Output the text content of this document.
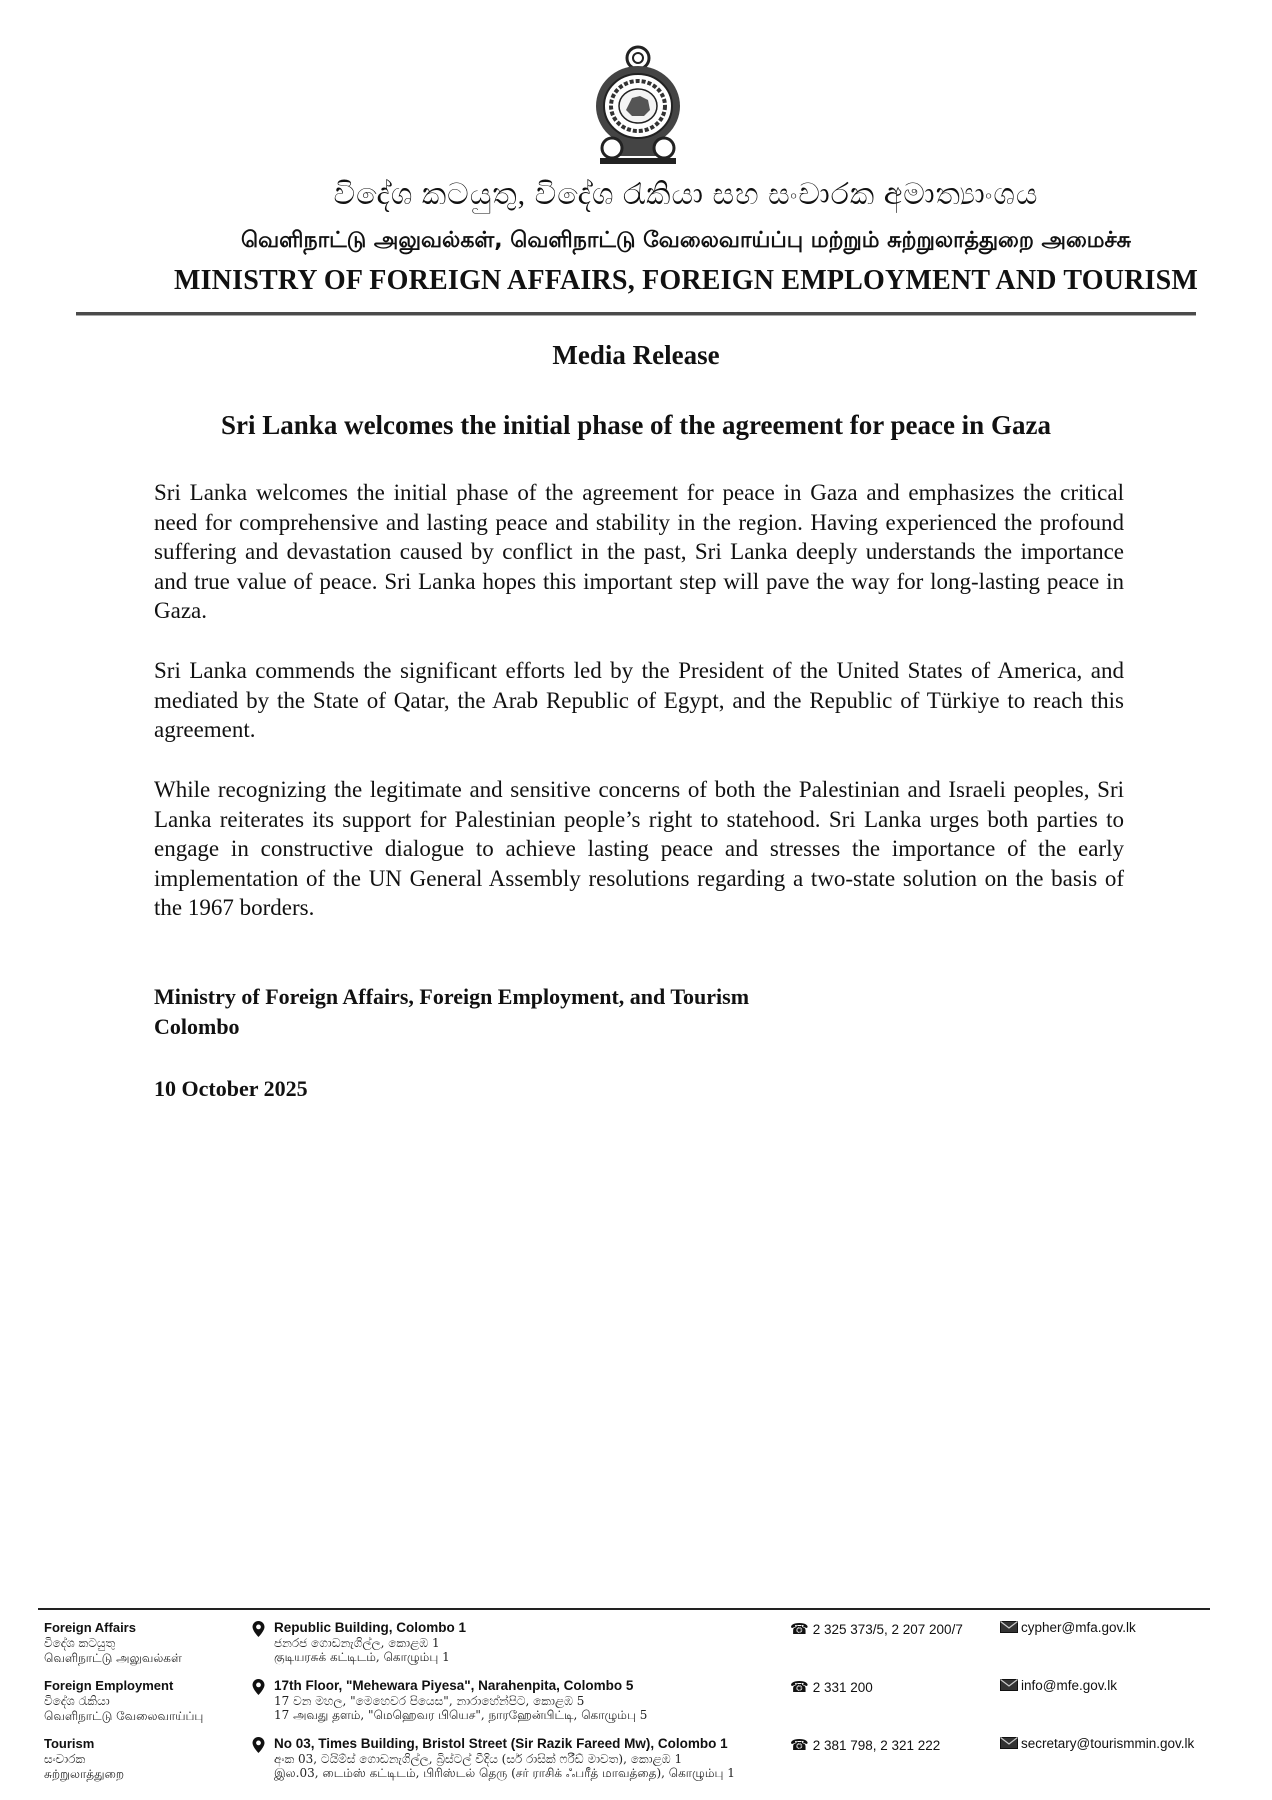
විදේශ කටයුතු, විදේශ රැකියා සහ සංචාරක අමාත්‍යාංශය
வெளிநாட்டு அலுவல்கள், வெளிநாட்டு வேலைவாய்ப்பு மற்றும் சுற்றுலாத்துறை அமைச்சு
MINISTRY OF FOREIGN AFFAIRS, FOREIGN EMPLOYMENT AND TOURISM
Media Release
Sri Lanka welcomes the initial phase of the agreement for peace in Gaza

Sri Lanka welcomes the initial phase of the agreement for peace in Gaza and emphasizes the critical need for comprehensive and lasting peace and stability in the region. Having experienced the profound suffering and devastation caused by conflict in the past, Sri Lanka deeply understands the importance and true value of peace. Sri Lanka hopes this important step will pave the way for long-lasting peace in Gaza.

Sri Lanka commends the significant efforts led by the President of the United States of America, and mediated by the State of Qatar, the Arab Republic of Egypt, and the Republic of Türkiye to reach this agreement.

While recognizing the legitimate and sensitive concerns of both the Palestinian and Israeli peoples, Sri Lanka reiterates its support for Palestinian people’s right to statehood. Sri Lanka urges both parties to engage in constructive dialogue to achieve lasting peace and stresses the importance of the early implementation of the UN General Assembly resolutions regarding a two-state solution on the basis of the 1967 borders.

Ministry of Foreign Affairs, Foreign Employment, and Tourism
Colombo
10 October 2025
Foreign Affairs
විදේශ කටයුතු
வெளிநாட்டு அலுவல்கள்
Republic Building, Colombo 1
ජනරජ ගොඩනැගිල්ල, කොළඹ 1
குடியரசுக் கட்டிடம், கொழும்பு 1
☎ 2 325 373/5, 2 207 200/7	cypher@mfa.gov.lk
Foreign Employment
විදේශ රැකියා
வெளிநாட்டு வேலைவாய்ப்பு
17th Floor, "Mehewara Piyesa", Narahenpita, Colombo 5
17 වන මහල, "මෙහෙවර පියෙස", නාරාහේන්පිට, කොළඹ 5
17 அவது தளம், "மெஹெவர பியெச", நாரஹேன்பிட்டி, கொழும்பு 5
☎ 2 331 200	info@mfe.gov.lk
Tourism
සංචාරක
சுற்றுலாத்துறை
No 03, Times Building, Bristol Street (Sir Razik Fareed Mw), Colombo 1
අංක 03, ටයිම්ස් ගොඩනැගිල්ල, බ්‍රිස්ටල් වීදිය (සර් රාසික් ෆරීඩ් මාවත), කොළඹ 1
இல.03, டைம்ஸ் கட்டிடம், பிரிஸ்டல் தெரு (சர் ராசிக் ஃபரீத் மாவத்தை), கொழும்பு 1
☎ 2 381 798, 2 321 222	secretary@tourismmin.gov.lk
